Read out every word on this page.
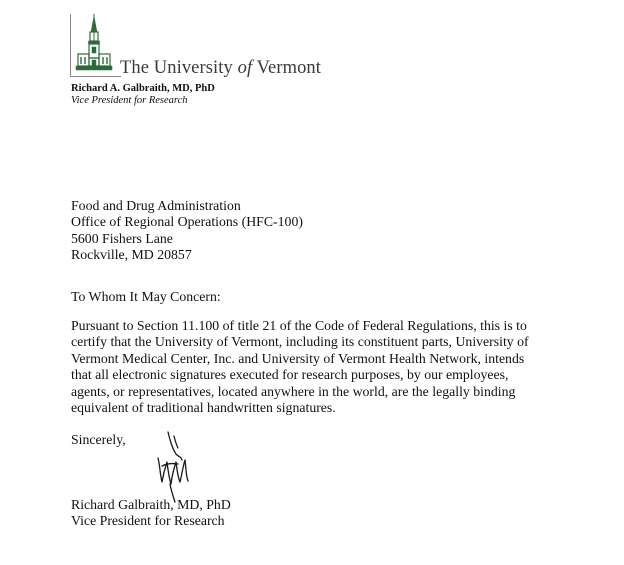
The University of Vermont
Richard A. Galbraith, MD, PhD
Vice President for Research
Food and Drug Administration
Office of Regional Operations (HFC-100)
5600 Fishers Lane
Rockville, MD 20857
To Whom It May Concern:
Pursuant to Section 11.100 of title 21 of the Code of Federal Regulations, this is to
certify that the University of Vermont, including its constituent parts, University of
Vermont Medical Center, Inc. and University of Vermont Health Network, intends
that all electronic signatures executed for research purposes, by our employees,
agents, or representatives, located anywhere in the world, are the legally binding
equivalent of traditional handwritten signatures.
Sincerely,
Richard Galbraith, MD, PhD
Vice President for Research
